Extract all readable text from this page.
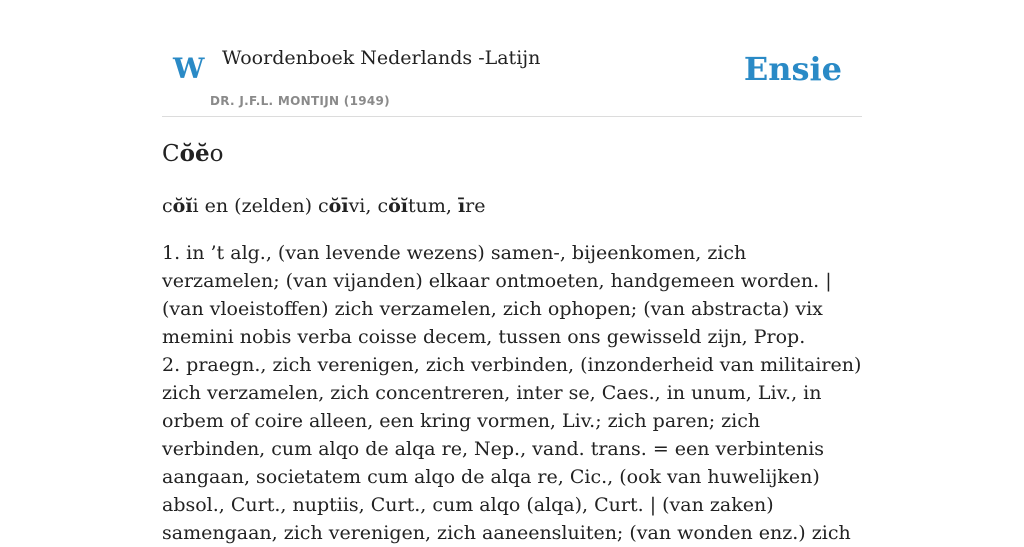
W Woordenboek Nederlands -Latijn
DR. J.F.L. MONTIJN (1949)
Ensie
Cŏĕo
cŏĭi en (zelden) cŏīvi, cŏĭtum, īre

1. in ’t alg., (van levende wezens) samen-, bijeenkomen, zich verzamelen; (van vijanden) elkaar ontmoeten, handgemeen worden. | (van vloeistoffen) zich verzamelen, zich ophopen; (van abstracta) vix memini nobis verba coisse decem, tussen ons gewisseld zijn, Prop.

2. praegn., zich verenigen, zich verbinden, (inzonderheid van militairen) zich verzamelen, zich concentreren, inter se, Caes., in unum, Liv., in orbem of coire alleen, een kring vormen, Liv.; zich paren; zich verbinden, cum alqo de alqa re, Nep., vand. trans. = een verbintenis aangaan, societatem cum alqo de alqa re, Cic., (ook van huwelijken) absol., Curt., nuptiis, Curt., cum alqo (alqa), Curt. | (van zaken) samengaan, zich verenigen, zich aaneensluiten; (van wonden enz.) zich
